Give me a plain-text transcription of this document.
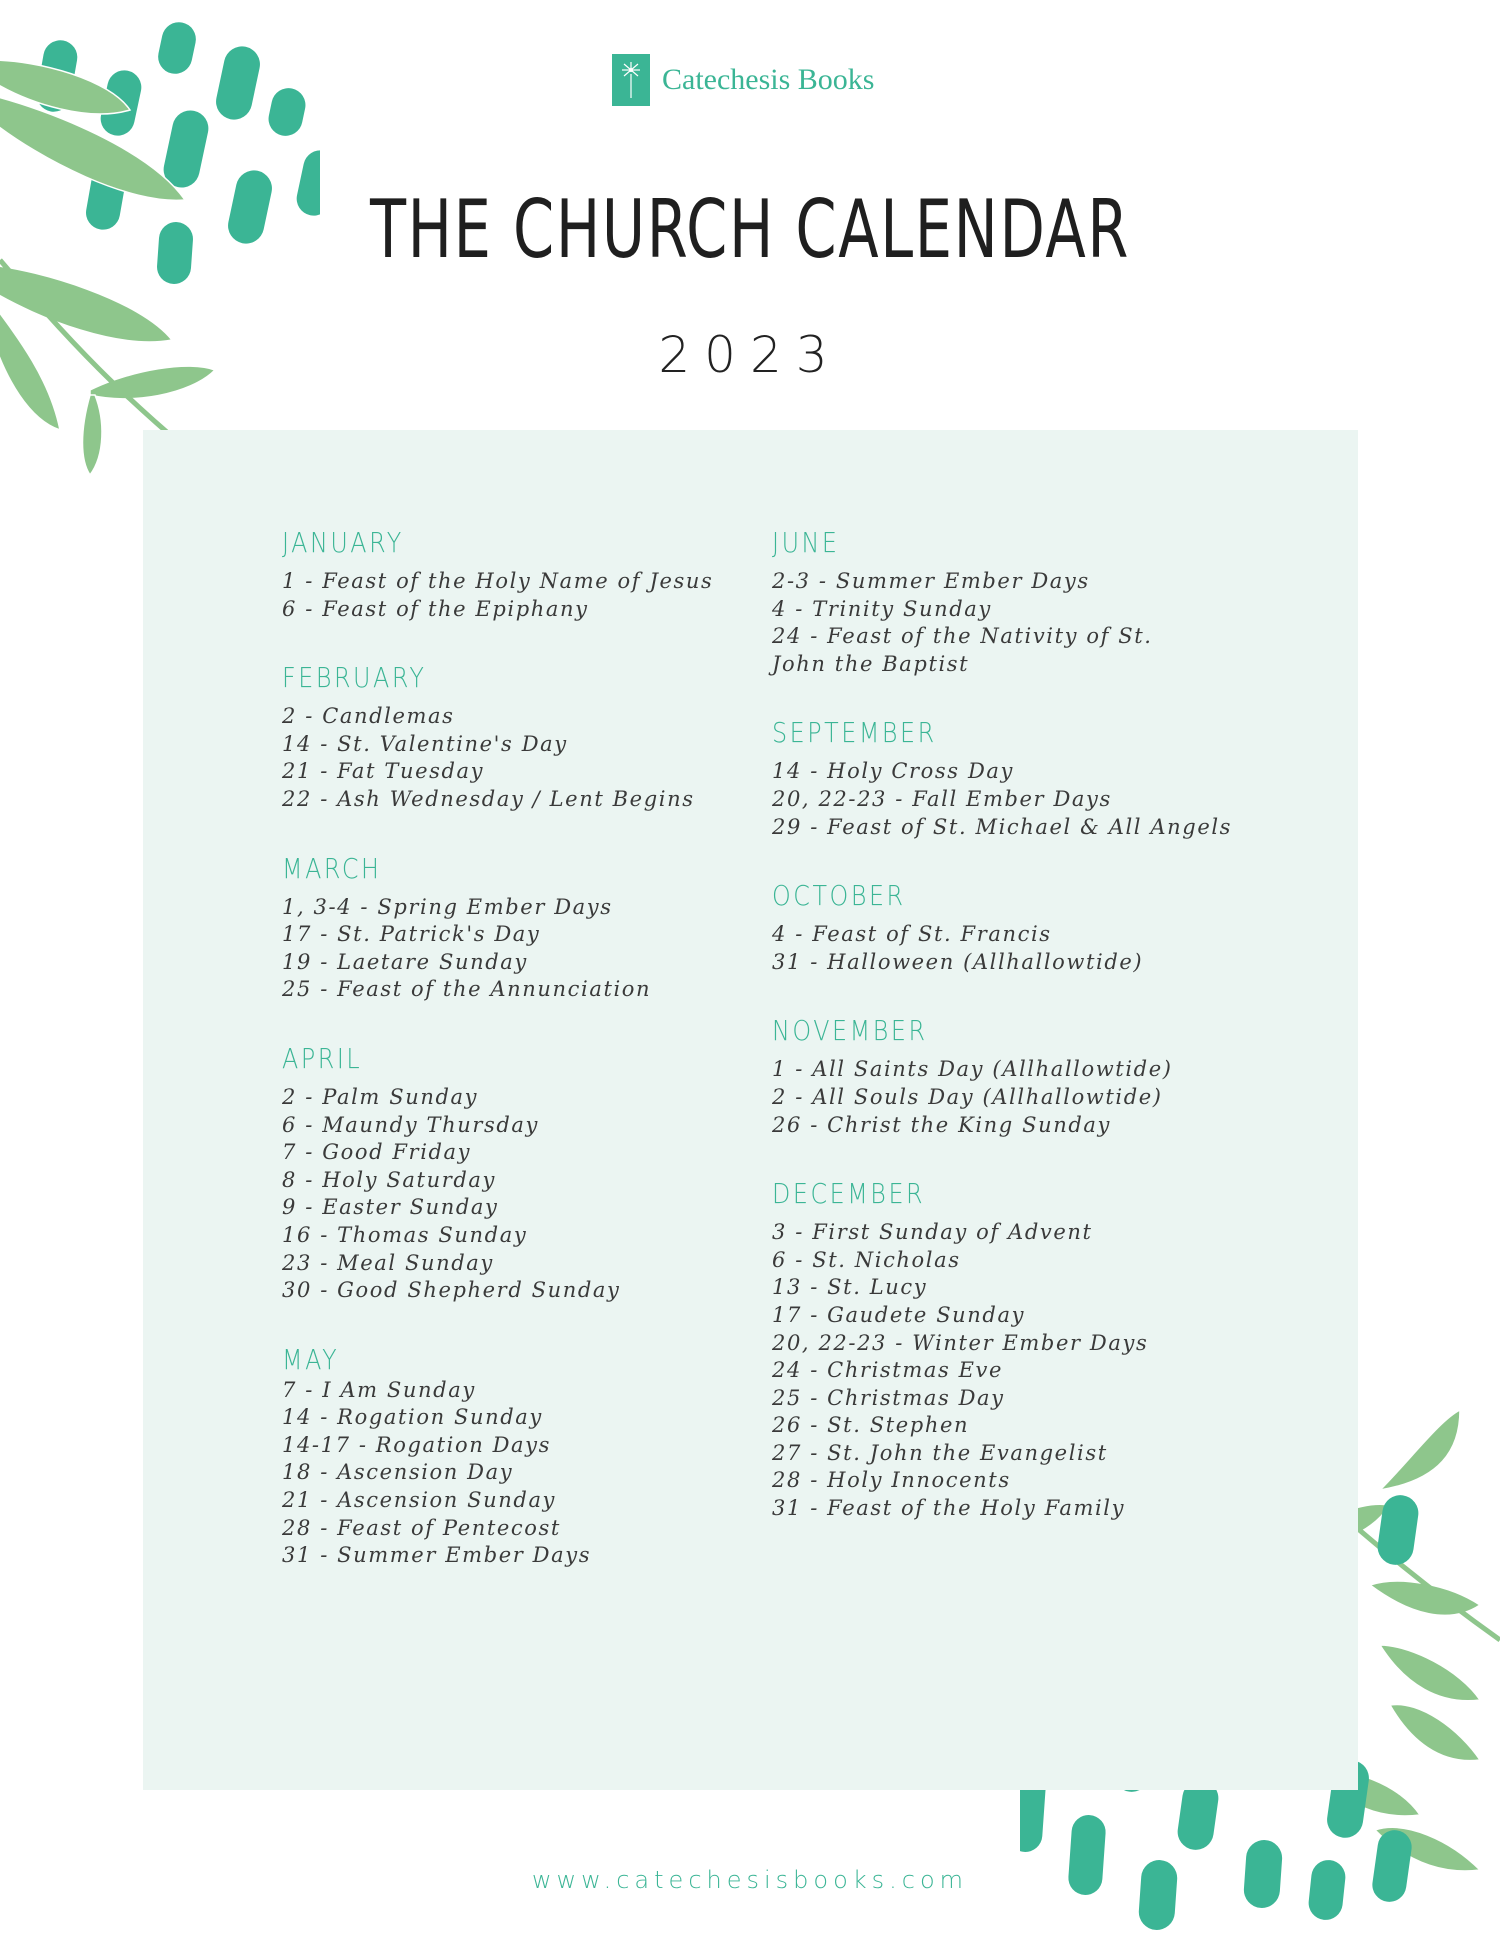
Catechesis Books
THE CHURCH CALENDAR
2023
JANUARY
1 - Feast of the Holy Name of Jesus
6 - Feast of the Epiphany
FEBRUARY
2 - Candlemas
14 - St. Valentine's Day
21 - Fat Tuesday
22 - Ash Wednesday / Lent Begins
MARCH
1, 3-4 - Spring Ember Days
17 - St. Patrick's Day
19 - Laetare Sunday
25 - Feast of the Annunciation
APRIL
2 - Palm Sunday
6 - Maundy Thursday
7 - Good Friday
8 - Holy Saturday
9 - Easter Sunday
16 - Thomas Sunday
23 - Meal Sunday
30 - Good Shepherd Sunday
MAY
7 - I Am Sunday
14 - Rogation Sunday
14-17 - Rogation Days
18 - Ascension Day
21 - Ascension Sunday
28 - Feast of Pentecost
31 - Summer Ember Days
JUNE
2-3 - Summer Ember Days
4 - Trinity Sunday
24 - Feast of the Nativity of St. John the Baptist
SEPTEMBER
14 - Holy Cross Day
20, 22-23 - Fall Ember Days
29 - Feast of St. Michael & All Angels
OCTOBER
4 - Feast of St. Francis
31 - Halloween (Allhallowtide)
NOVEMBER
1 - All Saints Day (Allhallowtide)
2 - All Souls Day (Allhallowtide)
26 - Christ the King Sunday
DECEMBER
3 - First Sunday of Advent
6 - St. Nicholas
13 - St. Lucy
17 - Gaudete Sunday
20, 22-23 - Winter Ember Days
24 - Christmas Eve
25 - Christmas Day
26 - St. Stephen
27 - St. John the Evangelist
28 - Holy Innocents
31 - Feast of the Holy Family
www.catechesisbooks.com
